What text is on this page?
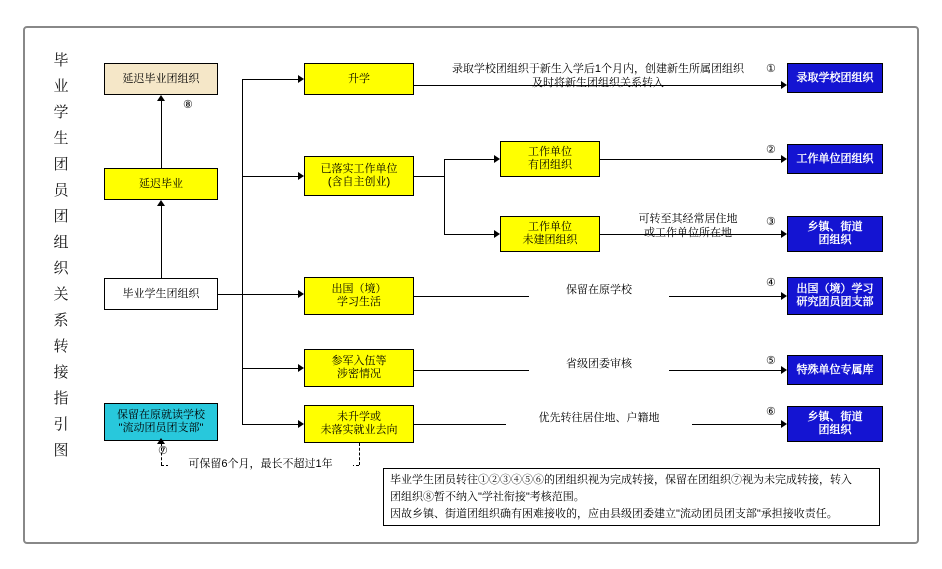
毕
业
学
生
团
员
团
组
织
关
系
转
接
指
引
图
延迟毕业团组织
⑧
延迟毕业
毕业学生团组织
保留在原就读学校
"流动团员团支部"
⑦
升学
已落实工作单位
(含自主创业)
出国（境）
学习生活
参军入伍等
涉密情况
未升学或
未落实就业去向
工作单位
有团组织
工作单位
未建团组织
录取学校团组织
①
工作单位团组织
②
乡镇、街道
团组织
③
出国（境）学习
研究团员团支部
④
特殊单位专属库
⑤
乡镇、街道
团组织
⑥
录取学校团组织于新生入学后1个月内，创建新生所属团组织
及时将新生团组织关系转入
可转至其经常居住地
或工作单位所在地
保留在原学校
省级团委审核
优先转往居住地、户籍地
可保留6个月，最长不超过1年
毕业学生团员转往①②③④⑤⑥的团组织视为完成转接，保留在团组织⑦视为未完成转接，转入
团组织⑧暂不纳入"学社衔接"考核范围。
因故乡镇、街道团组织确有困难接收的，应由县级团委建立"流动团员团支部"承担接收责任。
